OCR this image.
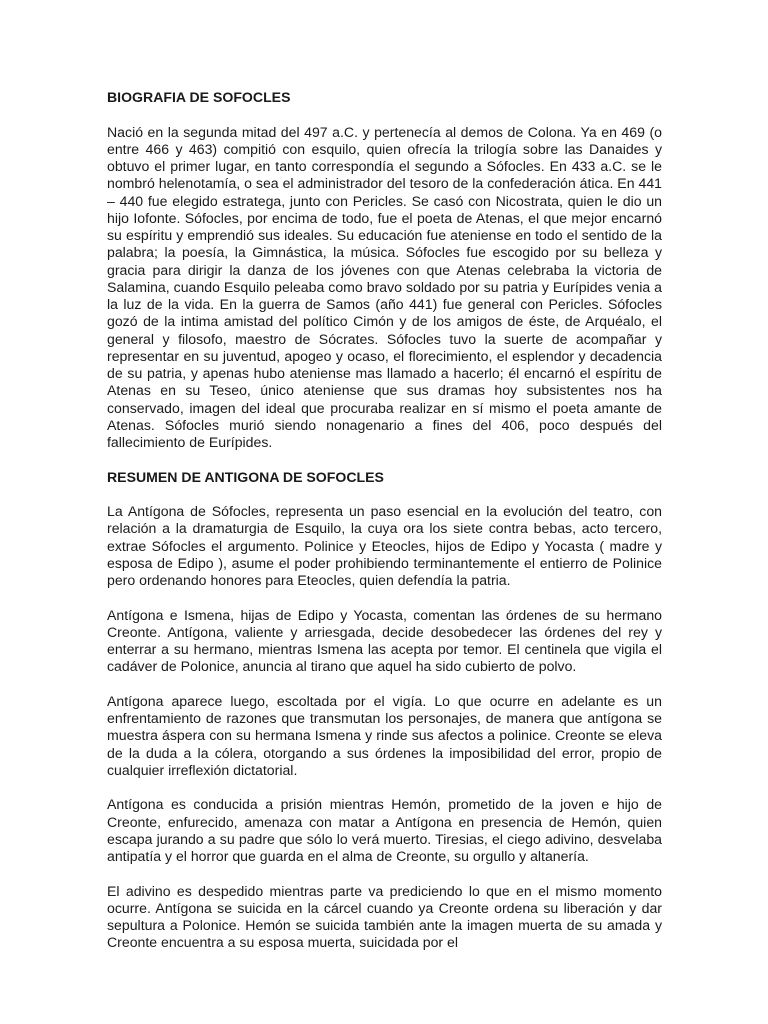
BIOGRAFIA DE SOFOCLES

Nació en la segunda mitad del 497 a.C. y pertenecía al demos de Colona. Ya en 469 (o entre 466 y 463) compitió con esquilo, quien ofrecía la trilogía sobre las Danaides y obtuvo el primer lugar, en tanto correspondía el segundo a Sófocles. En 433 a.C. se le nombró helenotamía, o sea el administrador del tesoro de la confederación ática. En 441 – 440 fue elegido estratega, junto con Pericles. Se casó con Nicostrata, quien le dio un hijo Iofonte. Sófocles, por encima de todo, fue el poeta de Atenas, el que mejor encarnó su espíritu y emprendió sus ideales. Su educación fue ateniense en todo el sentido de la palabra; la poesía, la Gimnástica, la música. Sófocles fue escogido por su belleza y gracia para dirigir la danza de los jóvenes con que Atenas celebraba la victoria de Salamina, cuando Esquilo peleaba como bravo soldado por su patria y Eurípides venia a la luz de la vida. En la guerra de Samos (año 441) fue general con Pericles. Sófocles gozó de la intima amistad del político Cimón y de los amigos de éste, de Arquéalo, el general y filosofo, maestro de Sócrates. Sófocles tuvo la suerte de acompañar y representar en su juventud, apogeo y ocaso, el florecimiento, el esplendor y decadencia de su patria, y apenas hubo ateniense mas llamado a hacerlo; él encarnó el espíritu de Atenas en su Teseo, único ateniense que sus dramas hoy subsistentes nos ha conservado, imagen del ideal que procuraba realizar en sí mismo el poeta amante de Atenas. Sófocles murió siendo nonagenario a fines del 406, poco después del fallecimiento de Eurípides.

RESUMEN DE ANTIGONA DE SOFOCLES

La Antígona de Sófocles, representa un paso esencial en la evolución del teatro, con relación a la dramaturgia de Esquilo, la cuya ora los siete contra bebas, acto tercero, extrae Sófocles el argumento. Polinice y Eteocles, hijos de Edipo y Yocasta ( madre y esposa de Edipo ), asume el poder prohibiendo terminantemente el entierro de Polinice pero ordenando honores para Eteocles, quien defendía la patria.

Antígona e Ismena, hijas de Edipo y Yocasta, comentan las órdenes de su hermano Creonte. Antígona, valiente y arriesgada, decide desobedecer las órdenes del rey y enterrar a su hermano, mientras Ismena las acepta por temor. El centinela que vigila el cadáver de Polonice, anuncia al tirano que aquel ha sido cubierto de polvo.

Antígona aparece luego, escoltada por el vigía. Lo que ocurre en adelante es un enfrentamiento de razones que transmutan los personajes, de manera que antígona se muestra áspera con su hermana Ismena y rinde sus afectos a polinice. Creonte se eleva de la duda a la cólera, otorgando a sus órdenes la imposibilidad del error, propio de cualquier irreflexión dictatorial.

Antígona es conducida a prisión mientras Hemón, prometido de la joven e hijo de Creonte, enfurecido, amenaza con matar a Antígona en presencia de Hemón, quien escapa jurando a su padre que sólo lo verá muerto. Tiresias, el ciego adivino, desvelaba antipatía y el horror que guarda en el alma de Creonte, su orgullo y altanería.

El adivino es despedido mientras parte va prediciendo lo que en el mismo momento ocurre. Antígona se suicida en la cárcel cuando ya Creonte ordena su liberación y dar sepultura a Polonice. Hemón se suicida también ante la imagen muerta de su amada y Creonte encuentra a su esposa muerta, suicidada por el
